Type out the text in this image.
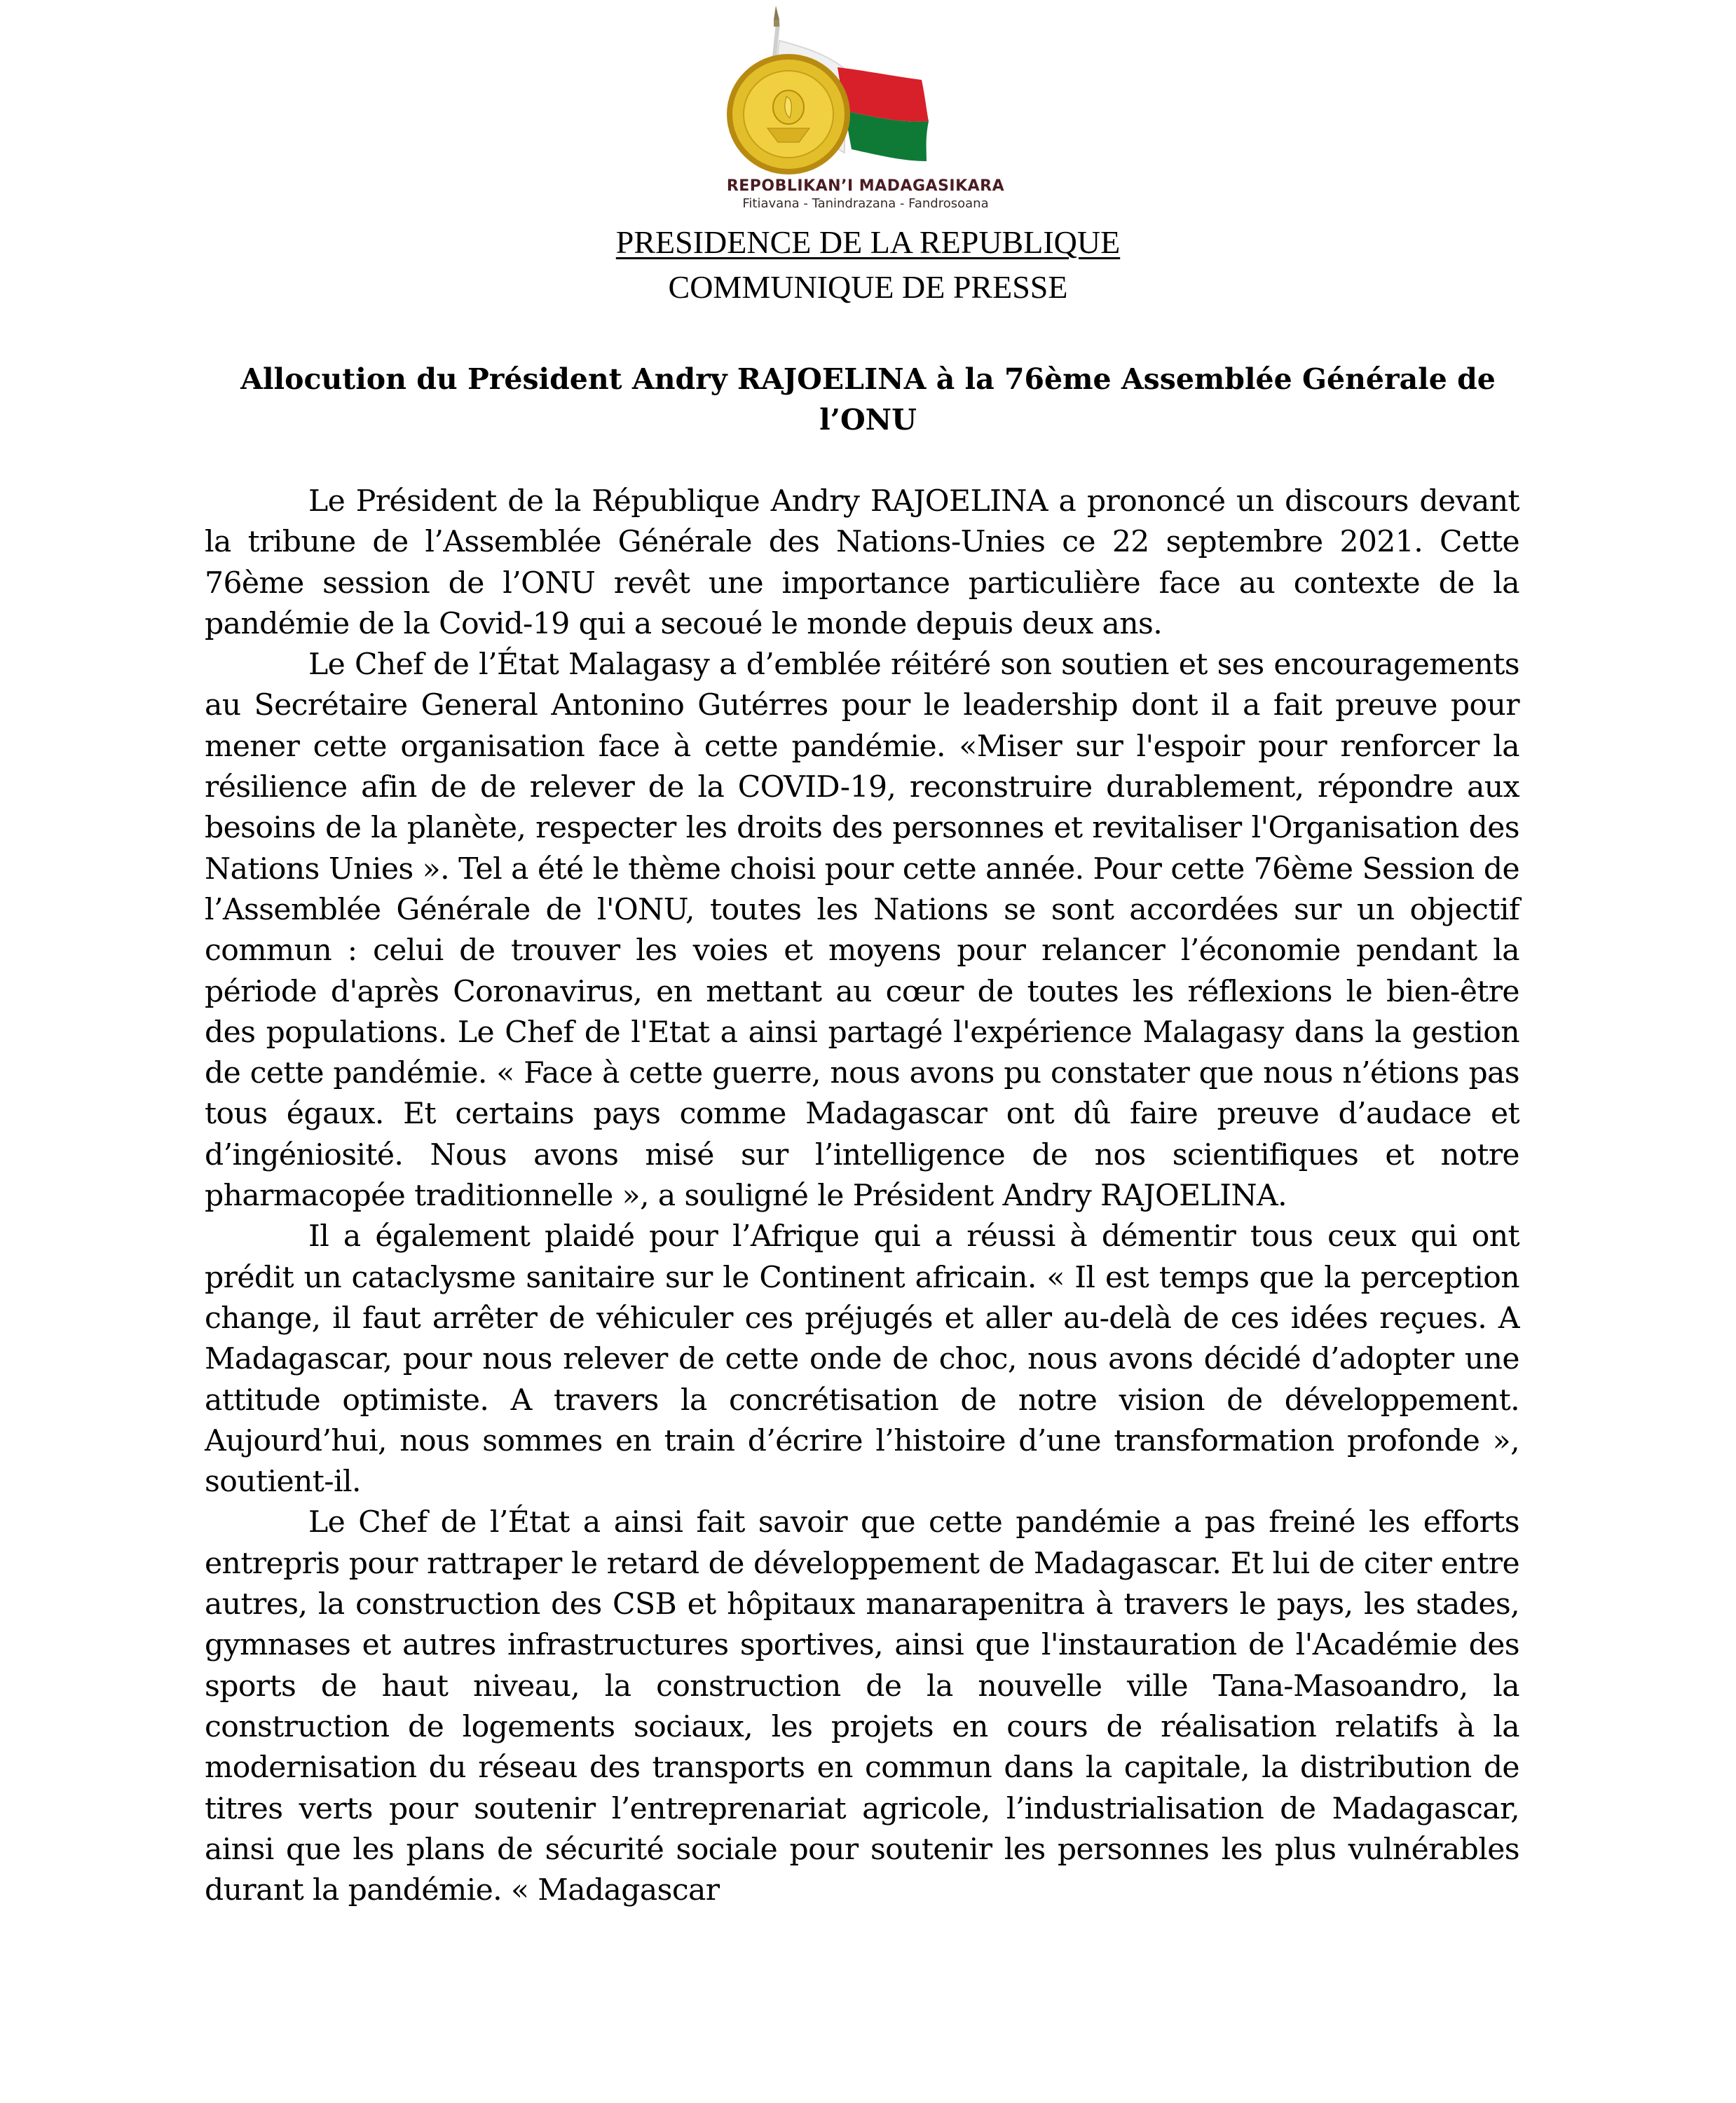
REPOBLIKAN’I MADAGASIKARA
Fitiavana - Tanindrazana - Fandrosoana
PRESIDENCE DE LA REPUBLIQUE
COMMUNIQUE DE PRESSE
Allocution du Président Andry RAJOELINA à la 76ème Assemblée Générale de l’ONU

Le Président de la République Andry RAJOELINA a prononcé un discours devant la tribune de l’Assemblée Générale des Nations-Unies ce 22 septembre 2021. Cette 76ème session de l’ONU revêt une importance particulière face au contexte de la pandémie de la Covid-19 qui a secoué le monde depuis deux ans.

Le Chef de l’État Malagasy a d’emblée réitéré son soutien et ses encouragements au Secrétaire General Antonino Gutérres pour le leadership dont il a fait preuve pour mener cette organisation face à cette pandémie. «Miser sur l'espoir pour renforcer la résilience afin de de relever de la COVID-19, reconstruire durablement, répondre aux besoins de la planète, respecter les droits des personnes et revitaliser l'Organisation des Nations Unies ». Tel a été le thème choisi pour cette année. Pour cette 76ème Session de l’Assemblée Générale de l'ONU, toutes les Nations se sont accordées sur un objectif commun : celui de trouver les voies et moyens pour relancer l’économie pendant la période d'après Coronavirus, en mettant au cœur de toutes les réflexions le bien-être des populations. Le Chef de l'Etat a ainsi partagé l'expérience Malagasy dans la gestion de cette pandémie. « Face à cette guerre, nous avons pu constater que nous n’étions pas tous égaux. Et certains pays comme Madagascar ont dû faire preuve d’audace et d’ingéniosité. Nous avons misé sur l’intelligence de nos scientifiques et notre pharmacopée traditionnelle », a souligné le Président Andry RAJOELINA.

Il a également plaidé pour l’Afrique qui a réussi à démentir tous ceux qui ont prédit un cataclysme sanitaire sur le Continent africain. « Il est temps que la perception change, il faut arrêter de véhiculer ces préjugés et aller au-delà de ces idées reçues. A Madagascar, pour nous relever de cette onde de choc, nous avons décidé d’adopter une attitude optimiste. A travers la concrétisation de notre vision de développement. Aujourd’hui, nous sommes en train d’écrire l’histoire d’une transformation profonde », soutient-il.

Le Chef de l’État a ainsi fait savoir que cette pandémie a pas freiné les efforts entrepris pour rattraper le retard de développement de Madagascar. Et lui de citer entre autres, la construction des CSB et hôpitaux manarapenitra à travers le pays, les stades, gymnases et autres infrastructures sportives, ainsi que l'instauration de l'Académie des sports de haut niveau, la construction de la nouvelle ville Tana-Masoandro, la construction de logements sociaux, les projets en cours de réalisation relatifs à la modernisation du réseau des transports en commun dans la capitale, la distribution de titres verts pour soutenir l’entreprenariat agricole, l’industrialisation de Madagascar, ainsi que les plans de sécurité sociale pour soutenir les personnes les plus vulnérables durant la pandémie. « Madagascar
